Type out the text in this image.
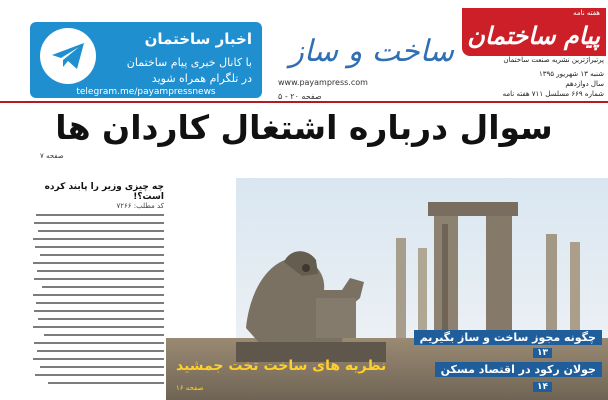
اخبار ساختمان
با کانال خبری پیام ساختمان
در تلگرام همراه شوید
telegram.me/payampressnews
ساخت و ساز
www.payampress.com
صفحه ۲۰ - ۵
هفته نامه
پیام ساختمان
پرتیراژترین نشریه صنعت ساختمان
شنبه ۱۳ شهریور ۱۳۹۵
سال دوازدهم
شماره ۶۶۹ مسلسل ۷۱۱ هفته نامه
سوال درباره اشتغال کاردان ها
صفحه ۷
چه چیزی وزیر را پابند کرده است؟!
کد مطلب: ۷۲۶۶
چگونه مجوز ساخت و ساز بگیریم
۱۳
جولان رکود در اقتصاد مسکن
۱۴
نظریه های ساخت تخت جمشید
صفحه ۱۶
